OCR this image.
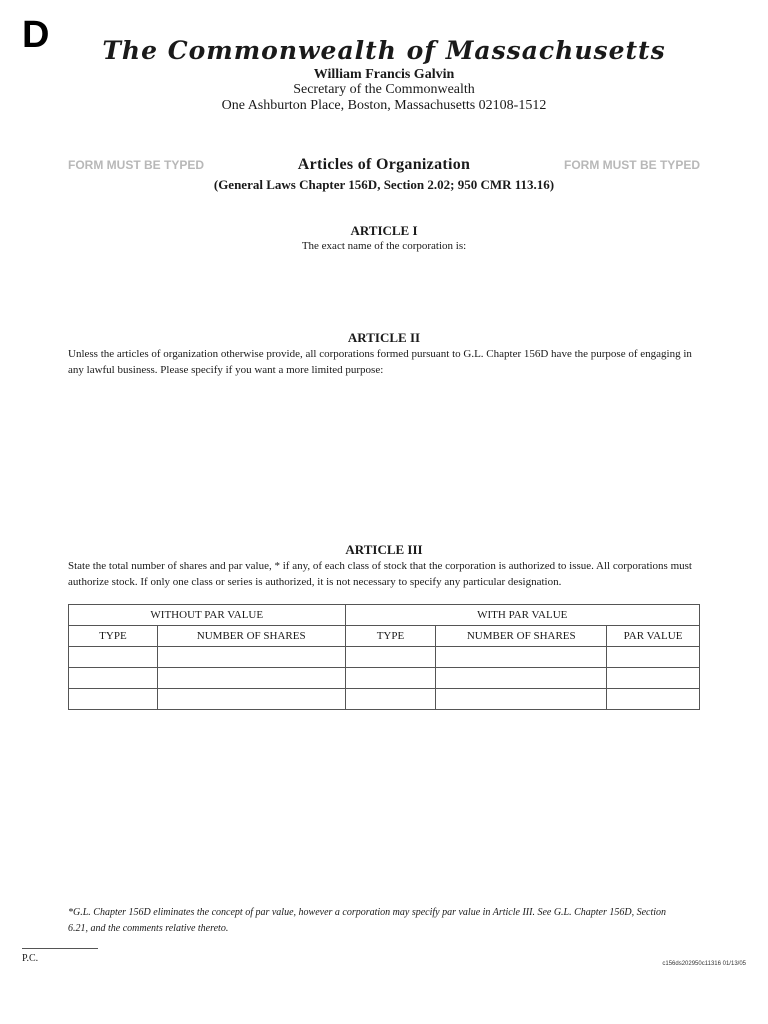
D	The Commonwealth of Massachusetts
William Francis Galvin
Secretary of the Commonwealth
One Ashburton Place, Boston, Massachusetts 02108-1512
FORM MUST BE TYPED	Articles of Organization	FORM MUST BE TYPED
(General Laws Chapter 156D, Section 2.02; 950 CMR 113.16)
ARTICLE I
The exact name of the corporation is:
ARTICLE II
Unless the articles of organization otherwise provide, all corporations formed pursuant to G.L. Chapter 156D have the purpose of engaging in any lawful business. Please specify if you want a more limited purpose:
ARTICLE III
State the total number of shares and par value, * if any, of each class of stock that the corporation is authorized to issue. All corporations must authorize stock. If only one class or series is authorized, it is not necessary to specify any particular designation.
WITHOUT PAR VALUE		WITH PAR VALUE		
TYPE	NUMBER OF SHARES	TYPE	NUMBER OF SHARES	PAR VALUE

*G.L. Chapter 156D eliminates the concept of par value, however a corporation may specify par value in Article III. See G.L. Chapter 156D, Section 6.21, and the comments relative thereto.
P.C.	c156ds202950c11316 01/13/05
